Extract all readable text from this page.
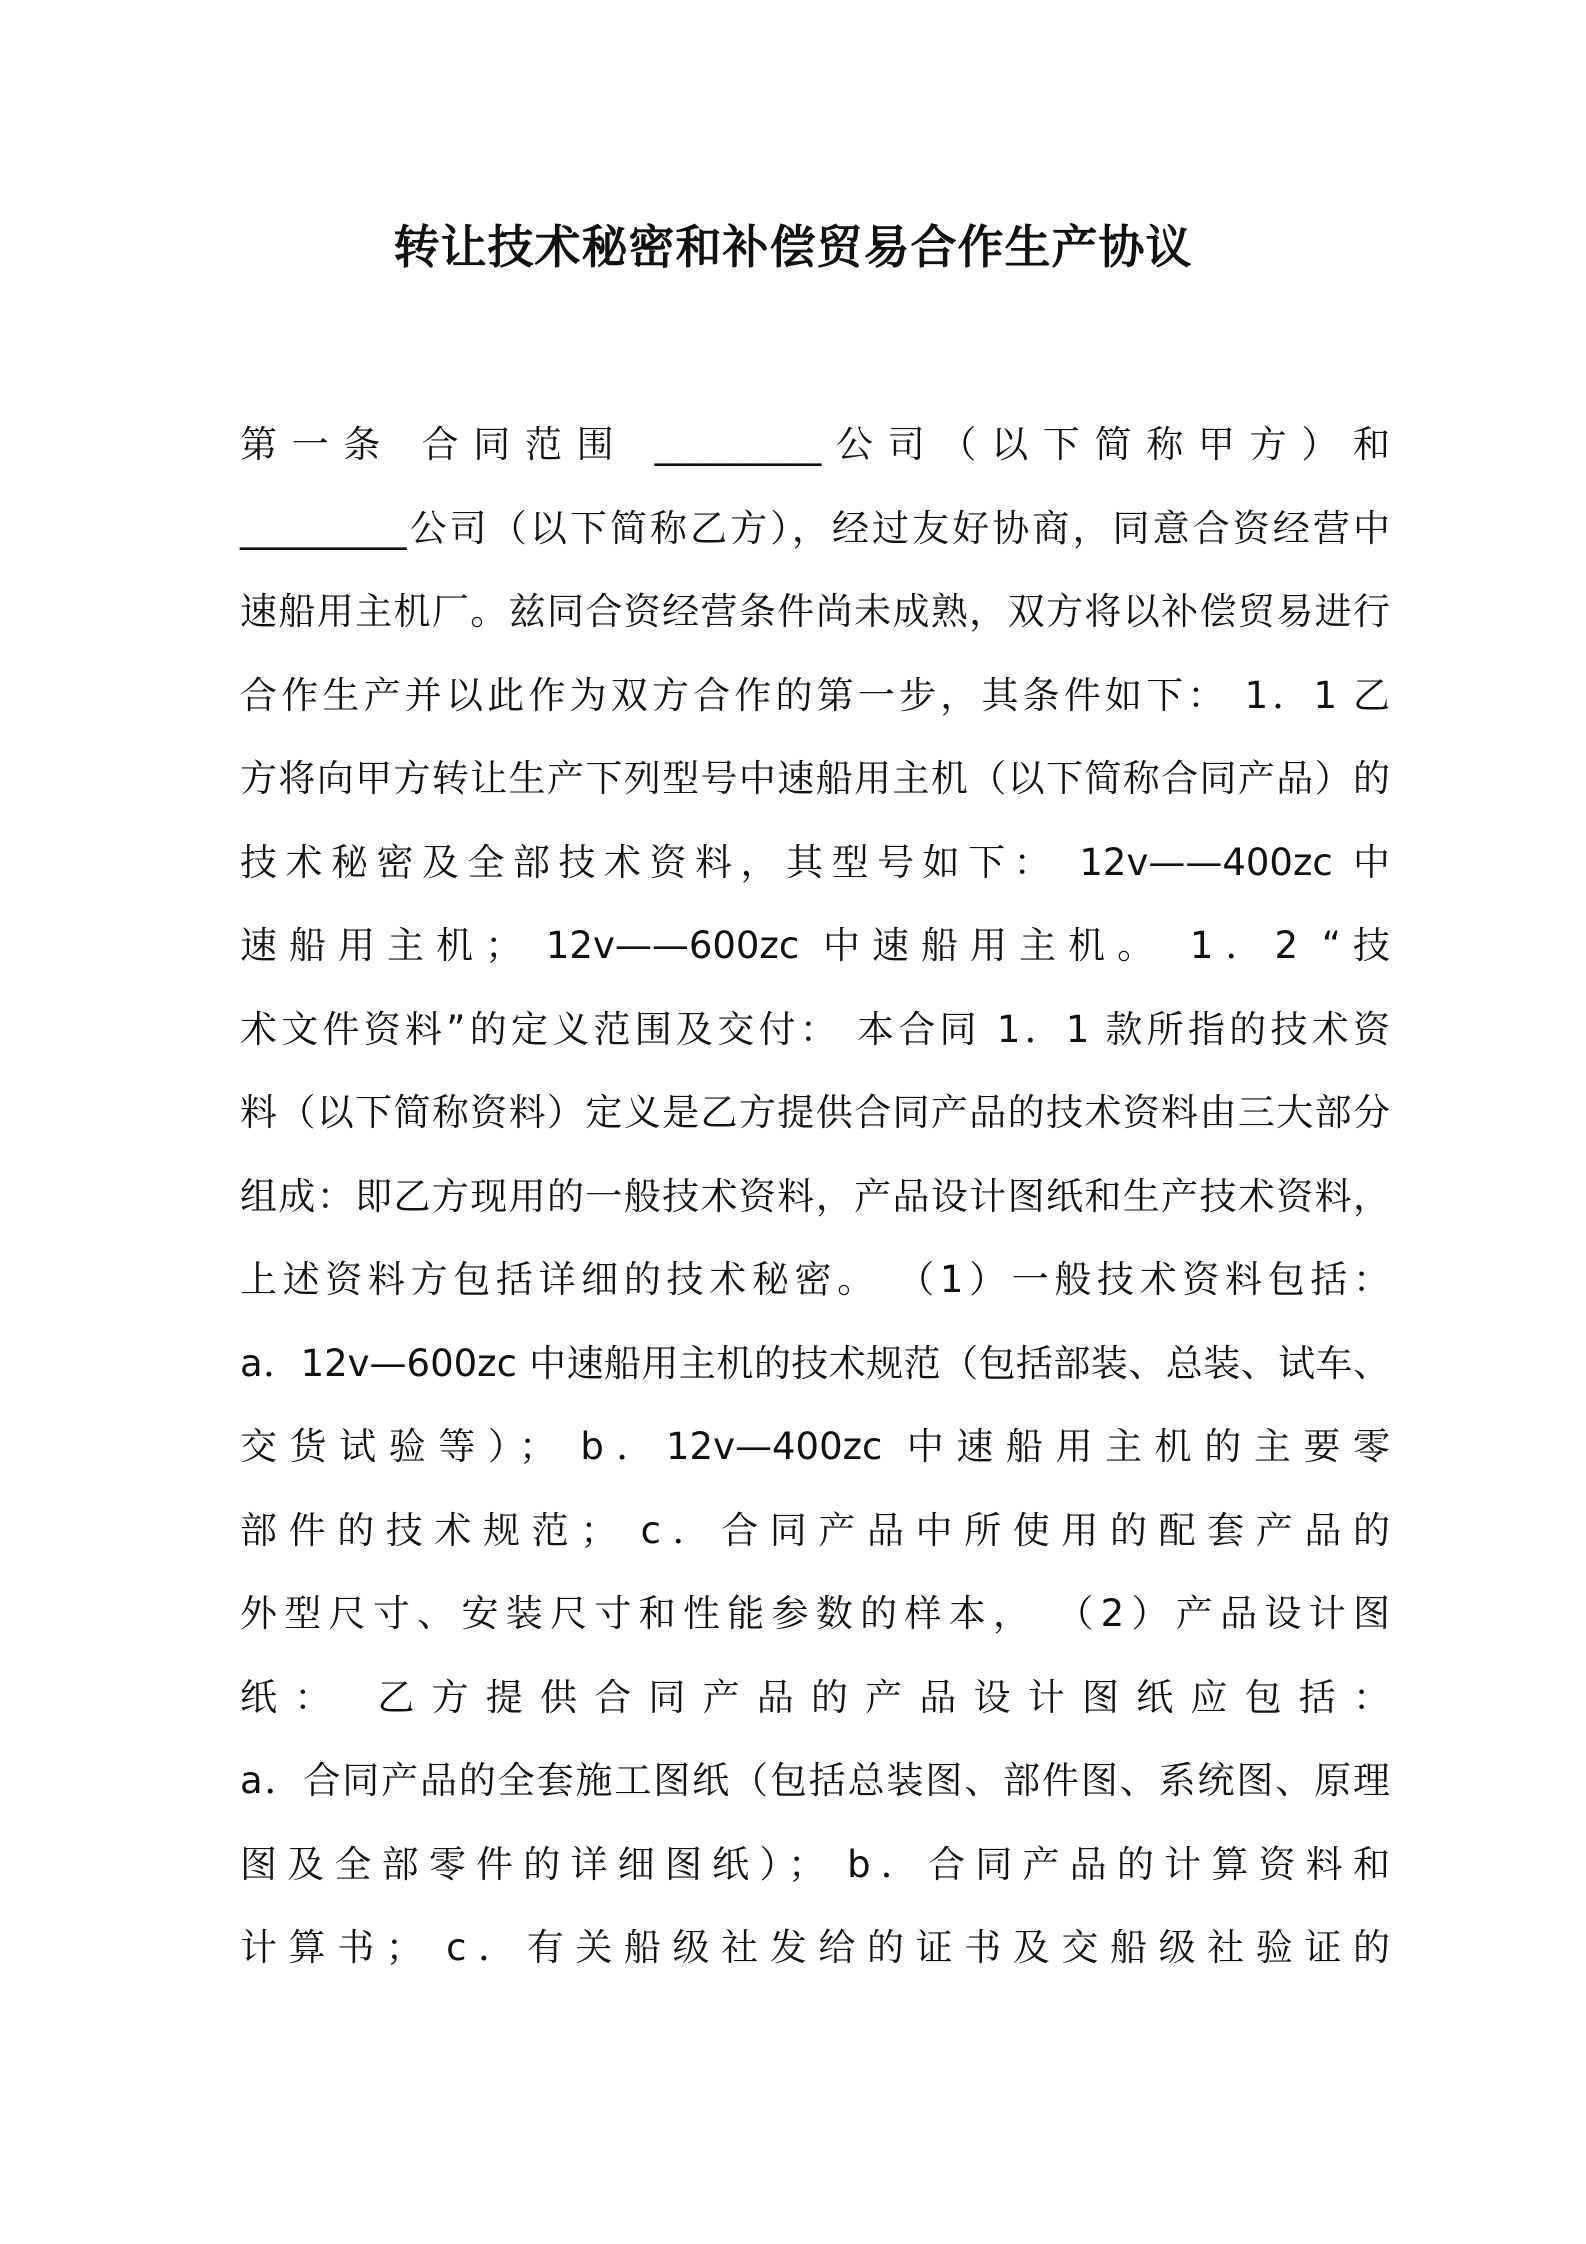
转让技术秘密和补偿贸易合作生产协议
第一条 合同范围 _________公司（以下简称甲方）和
_________公司（以下简称乙方），经过友好协商，同意合资经营中
速船用主机厂。兹同合资经营条件尚未成熟，双方将以补偿贸易进行
合作生产并以此作为双方合作的第一步，其条件如下： 1．1 乙
方将向甲方转让生产下列型号中速船用主机（以下简称合同产品）的
技术秘密及全部技术资料，其型号如下： 12v——400zc 中
速船用主机； 12v——600zc 中速船用主机。 1．2 “技
术文件资料”的定义范围及交付： 本合同 1．1 款所指的技术资
料（以下简称资料）定义是乙方提供合同产品的技术资料由三大部分
组成：即乙方现用的一般技术资料，产品设计图纸和生产技术资料，
上述资料方包括详细的技术秘密。 （1）一般技术资料包括：
a．12v—600zc 中速船用主机的技术规范（包括部装、总装、试车、
交货试验等）； b．12v—400zc 中速船用主机的主要零
部件的技术规范； c．合同产品中所使用的配套产品的
外型尺寸、安装尺寸和性能参数的样本， （2）产品设计图
纸： 乙方提供合同产品的产品设计图纸应包括：
a．合同产品的全套施工图纸（包括总装图、部件图、系统图、原理
图及全部零件的详细图纸）； b．合同产品的计算资料和
计算书； c．有关船级社发给的证书及交船级社验证的
